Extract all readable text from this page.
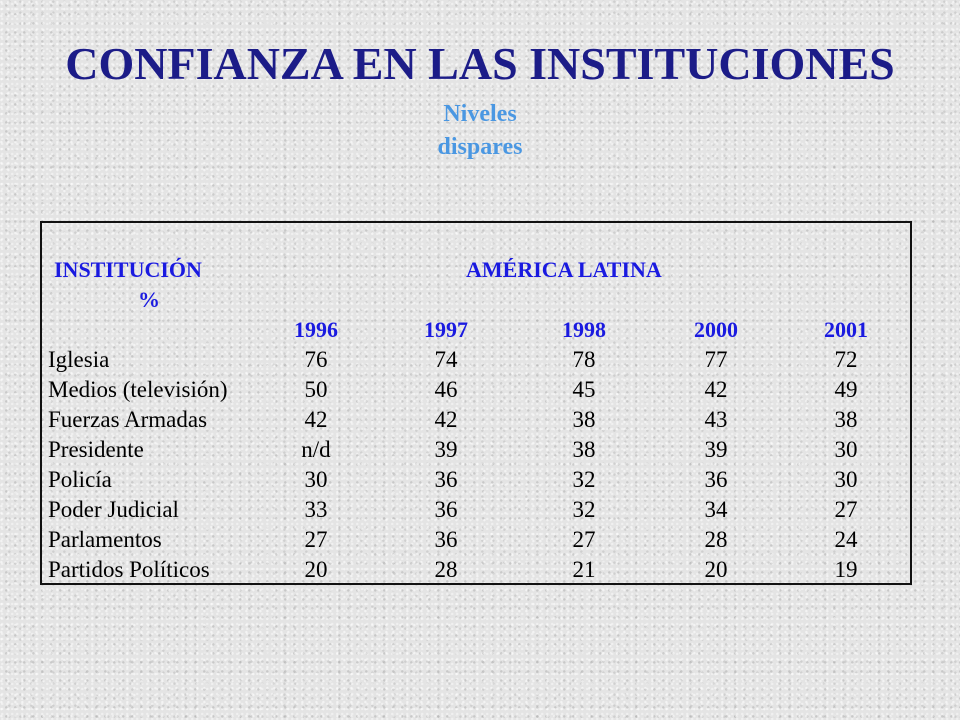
CONFIANZA EN LAS INSTITUCIONES
Niveles
dispares
INSTITUCIÓN
%
AMÉRICA LATINA
1996	1997	1998	2000	2001
Iglesia	76	74	78	77	72
Medios (televisión)	50	46	45	42	49
Fuerzas Armadas	42	42	38	43	38
Presidente	n/d	39	38	39	30
Policía	30	36	32	36	30
Poder Judicial	33	36	32	34	27
Parlamentos	27	36	27	28	24
Partidos Políticos	20	28	21	20	19
